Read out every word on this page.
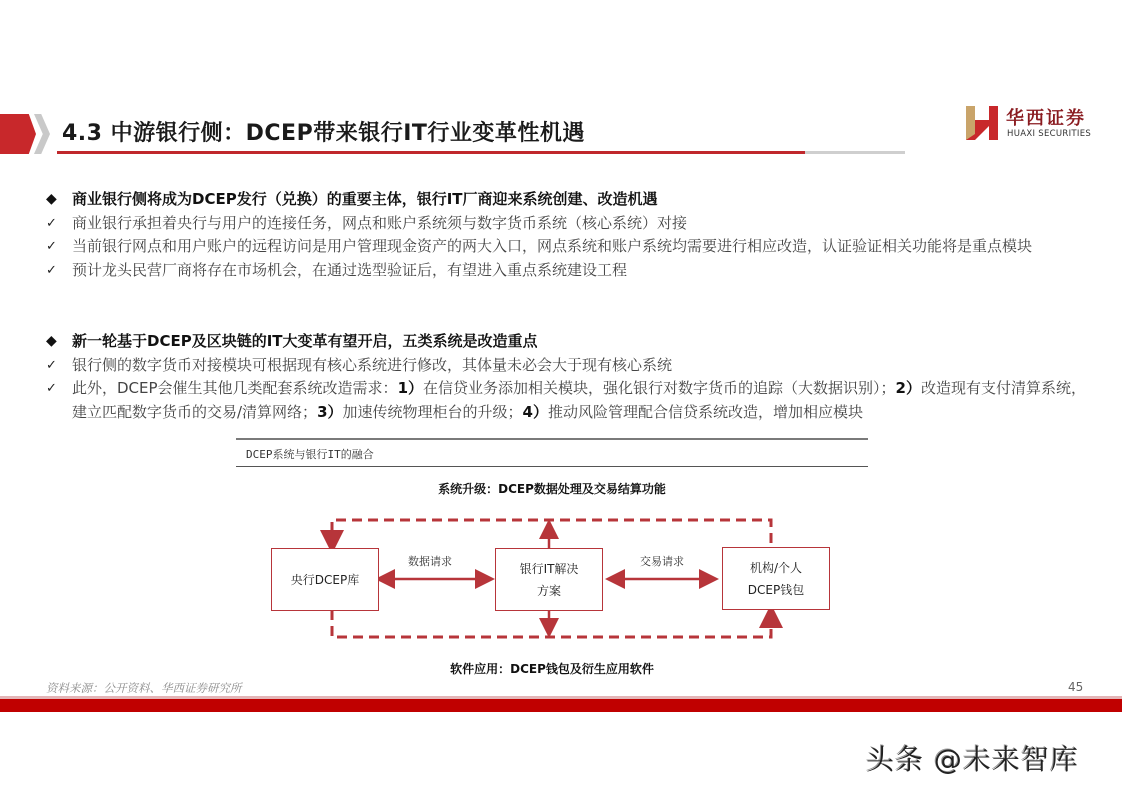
4.3 中游银行侧：DCEP带来银行IT行业变革性机遇
华西证券
HUAXI SECURITIES
◆	商业银行侧将成为DCEP发行（兑换）的重要主体，银行IT厂商迎来系统创建、改造机遇
✓	商业银行承担着央行与用户的连接任务，网点和账户系统须与数字货币系统（核心系统）对接
✓	当前银行网点和用户账户的远程访问是用户管理现金资产的两大入口，网点系统和账户系统均需要进行相应改造，认证验证相关功能将是重点模块
✓	预计龙头民营厂商将存在市场机会，在通过选型验证后，有望进入重点系统建设工程
◆	新一轮基于DCEP及区块链的IT大变革有望开启，五类系统是改造重点
✓	银行侧的数字货币对接模块可根据现有核心系统进行修改，其体量未必会大于现有核心系统
✓	此外，DCEP会催生其他几类配套系统改造需求：1）在信贷业务添加相关模块，强化银行对数字货币的追踪（大数据识别）；2）改造现有支付清算系统，建立匹配数字货币的交易/清算网络；3）加速传统物理柜台的升级；4）推动风险管理配合信贷系统改造，增加相应模块
DCEP系统与银行IT的融合
系统升级：DCEP数据处理及交易结算功能
央行DCEP库
银行IT解决
方案
机构/个人
DCEP钱包
数据请求	交易请求
软件应用：DCEP钱包及衍生应用软件
资料来源：公开资料、华西证券研究所	45
头条 @未来智库
